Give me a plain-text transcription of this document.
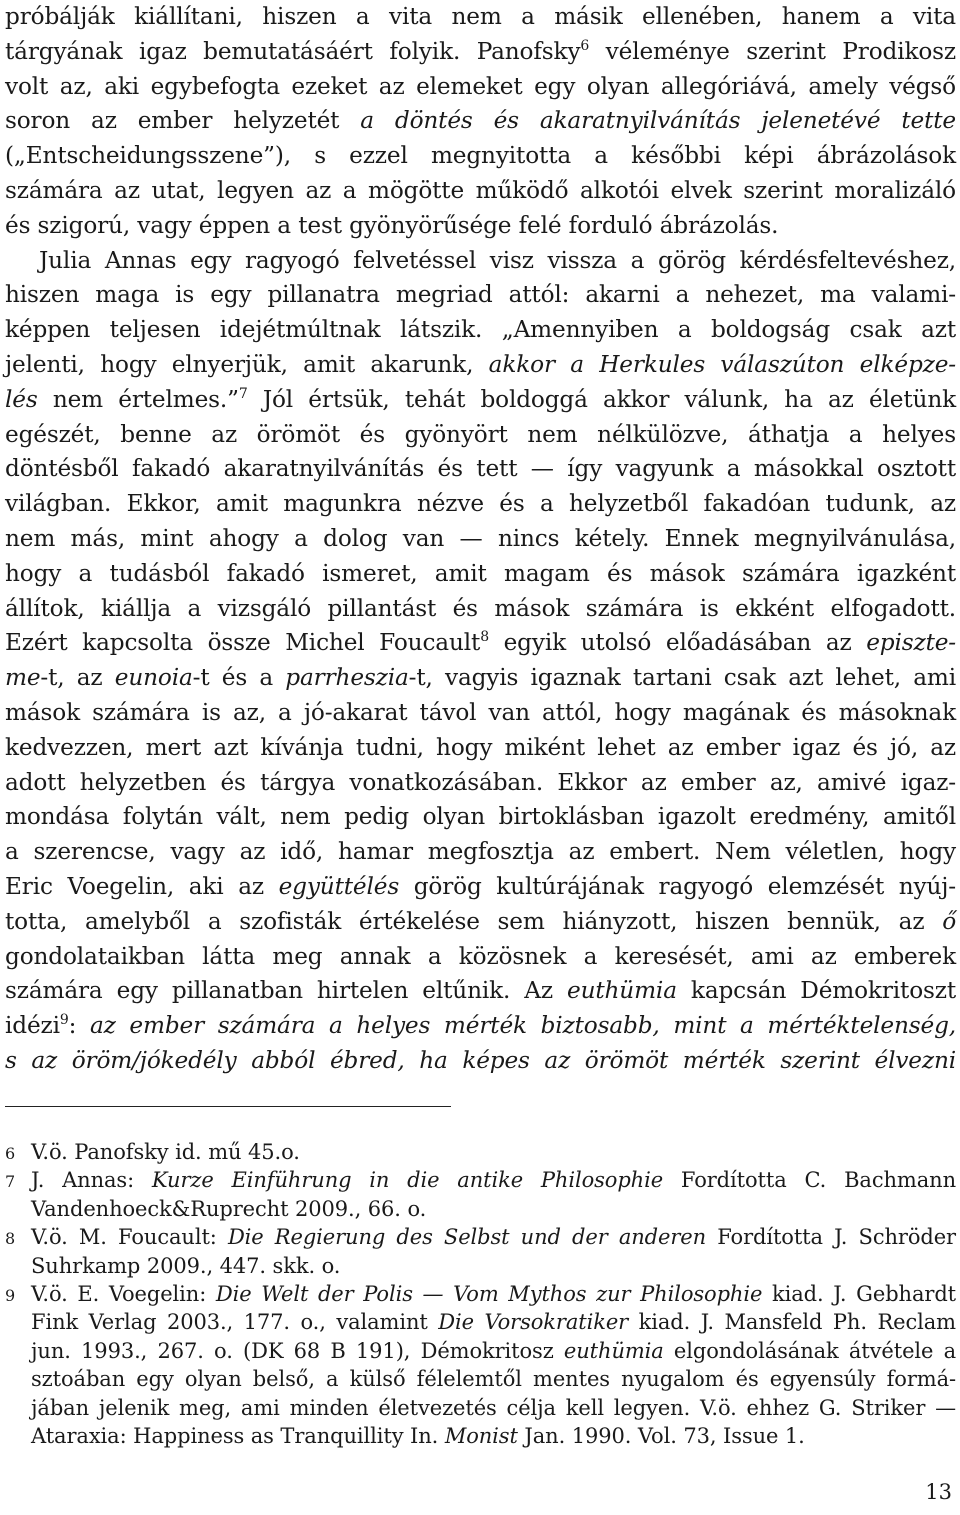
próbálják kiállítani, hiszen a vita nem a másik ellenében, hanem a vita
tárgyának igaz bemutatásáért folyik. Panofsky$^6$ véleménye szerint Prodikosz
volt az, aki egybefogta ezeket az elemeket egy olyan allegóriává, amely végső
soron az ember helyzetét a döntés és akaratnyilvánítás jelenetévé tette
(„Entscheidungsszene”), s ezzel megnyitotta a későbbi képi ábrázolások
számára az utat, legyen az a mögötte működő alkotói elvek szerint moralizáló
és szigorú, vagy éppen a test gyönyörűsége felé forduló ábrázolás.
Julia Annas egy ragyogó felvetéssel visz vissza a görög kérdésfeltevéshez,
hiszen maga is egy pillanatra megriad attól: akarni a nehezet, ma valami-
képpen teljesen idejétmúltnak látszik. „Amennyiben a boldogság csak azt
jelenti, hogy elnyerjük, amit akarunk, akkor a Herkules válaszúton elképze-
lés nem értelmes.”$^7$ Jól értsük, tehát boldoggá akkor válunk, ha az életünk
egészét, benne az örömöt és gyönyört nem nélkülözve, áthatja a helyes
döntésből fakadó akaratnyilvánítás és tett — így vagyunk a másokkal osztott
világban. Ekkor, amit magunkra nézve és a helyzetből fakadóan tudunk, az
nem más, mint ahogy a dolog van — nincs kétely. Ennek megnyilvánulása,
hogy a tudásból fakadó ismeret, amit magam és mások számára igazként
állítok, kiállja a vizsgáló pillantást és mások számára is ekként elfogadott.
Ezért kapcsolta össze Michel Foucault$^8$ egyik utolsó előadásában az episzte-
me-t, az eunoia-t és a parrheszia-t, vagyis igaznak tartani csak azt lehet, ami
mások számára is az, a jó-akarat távol van attól, hogy magának és másoknak
kedvezzen, mert azt kívánja tudni, hogy miként lehet az ember igaz és jó, az
adott helyzetben és tárgya vonatkozásában. Ekkor az ember az, amivé igaz-
mondása folytán vált, nem pedig olyan birtoklásban igazolt eredmény, amitől
a szerencse, vagy az idő, hamar megfosztja az embert. Nem véletlen, hogy
Eric Voegelin, aki az együttélés görög kultúrájának ragyogó elemzését nyúj-
totta, amelyből a szofisták értékelése sem hiányzott, hiszen bennük, az ő
gondolataikban látta meg annak a közösnek a keresését, ami az emberek
számára egy pillanatban hirtelen eltűnik. Az euthümia kapcsán Démokritoszt
idézi$^9$: az ember számára a helyes mérték biztosabb, mint a mértéktelenség,
s az öröm/jókedély abból ébred, ha képes az örömöt mérték szerint élvezni
6 V.ö. Panofsky id. mű 45.o.
7 J. Annas: Kurze Einführung in die antike Philosophie Fordította C. Bachmann
Vandenhoeck&Ruprecht 2009., 66. o.
8 V.ö. M. Foucault: Die Regierung des Selbst und der anderen Fordította J. Schröder
Suhrkamp 2009., 447. skk. o.
9 V.ö. E. Voegelin: Die Welt der Polis — Vom Mythos zur Philosophie kiad. J. Gebhardt
Fink Verlag 2003., 177. o., valamint Die Vorsokratiker kiad. J. Mansfeld Ph. Reclam
jun. 1993., 267. o. (DK 68 B 191), Démokritosz euthümia elgondolásának átvétele a
sztoában egy olyan belső, a külső félelemtől mentes nyugalom és egyensúly formá-
jában jelenik meg, ami minden életvezetés célja kell legyen. V.ö. ehhez G. Striker —
Ataraxia: Happiness as Tranquillity In. Monist Jan. 1990. Vol. 73, Issue 1.
13
